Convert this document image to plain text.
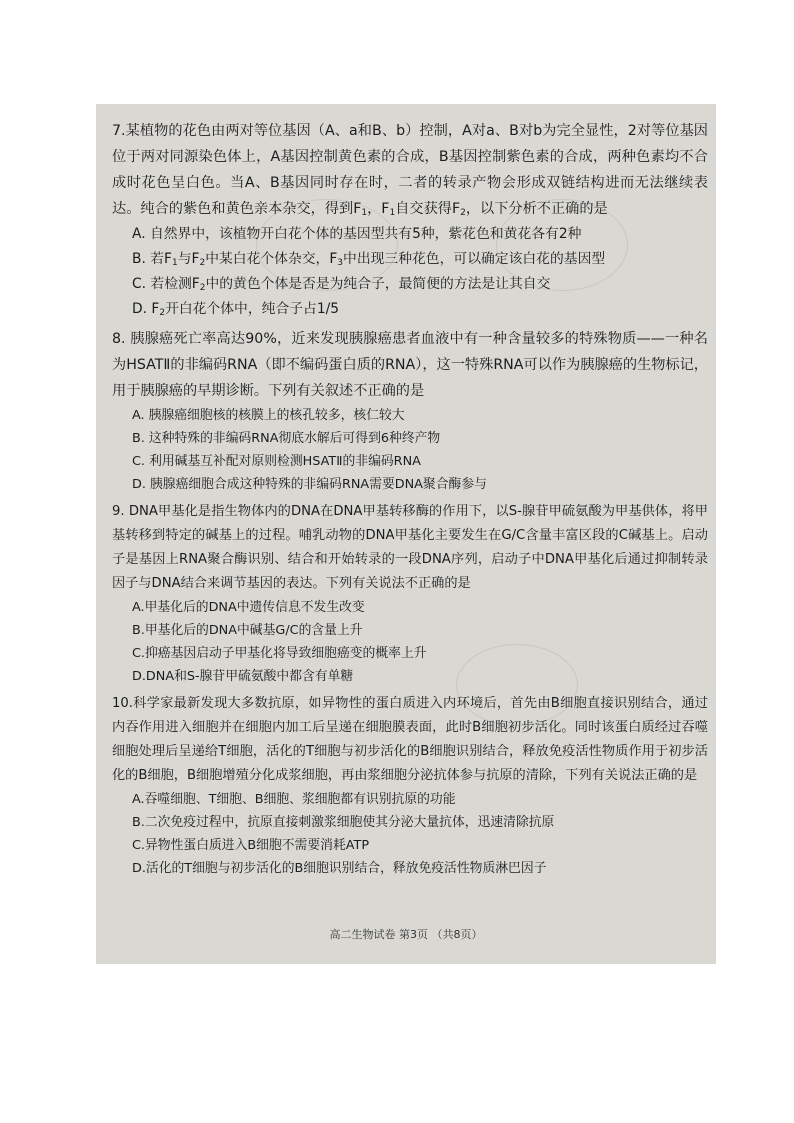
7.某植物的花色由两对等位基因（A、a和B、b）控制，A对a、B对b为完全显性，2对等位基因位于两对同源染色体上，A基因控制黄色素的合成，B基因控制紫色素的合成，两种色素均不合成时花色呈白色。当A、B基因同时存在时，二者的转录产物会形成双链结构进而无法继续表达。纯合的紫色和黄色亲本杂交，得到$F_1$，$F_1$自交获得$F_2$，以下分析不正确的是

A. 自然界中，该植物开白花个体的基因型共有5种，紫花色和黄花各有2种

B. 若$F_1$与$F_2$中某白花个体杂交，$F_3$中出现三种花色，可以确定该白花的基因型

C. 若检测$F_2$中的黄色个体是否是为纯合子，最简便的方法是让其自交

D. $F_2$开白花个体中，纯合子占1/5

8. 胰腺癌死亡率高达90%，近来发现胰腺癌患者血液中有一种含量较多的特殊物质——一种名为HSATⅡ的非编码RNA（即不编码蛋白质的RNA），这一特殊RNA可以作为胰腺癌的生物标记，用于胰腺癌的早期诊断。下列有关叙述不正确的是

A. 胰腺癌细胞核的核膜上的核孔较多，核仁较大

B. 这种特殊的非编码RNA彻底水解后可得到6种终产物

C. 利用碱基互补配对原则检测HSATⅡ的非编码RNA

D. 胰腺癌细胞合成这种特殊的非编码RNA需要DNA聚合酶参与

9. DNA甲基化是指生物体内的DNA在DNA甲基转移酶的作用下，以S-腺苷甲硫氨酸为甲基供体，将甲基转移到特定的碱基上的过程。哺乳动物的DNA甲基化主要发生在G/C含量丰富区段的C碱基上。启动子是基因上RNA聚合酶识别、结合和开始转录的一段DNA序列，启动子中DNA甲基化后通过抑制转录因子与DNA结合来调节基因的表达。下列有关说法不正确的是

A.甲基化后的DNA中遗传信息不发生改变

B.甲基化后的DNA中碱基G/C的含量上升

C.抑癌基因启动子甲基化将导致细胞癌变的概率上升

D.DNA和S-腺苷甲硫氨酸中都含有单糖

10.科学家最新发现大多数抗原，如异物性的蛋白质进入内环境后，首先由B细胞直接识别结合，通过内吞作用进入细胞并在细胞内加工后呈递在细胞膜表面，此时B细胞初步活化。同时该蛋白质经过吞噬细胞处理后呈递给T细胞，活化的T细胞与初步活化的B细胞识别结合，释放免疫活性物质作用于初步活化的B细胞，B细胞增殖分化成浆细胞，再由浆细胞分泌抗体参与抗原的清除，下列有关说法正确的是

A.吞噬细胞、T细胞、B细胞、浆细胞都有识别抗原的功能

B.二次免疫过程中，抗原直接刺激浆细胞使其分泌大量抗体，迅速清除抗原

C.异物性蛋白质进入B细胞不需要消耗ATP

D.活化的T细胞与初步活化的B细胞识别结合，释放免疫活性物质淋巴因子

高二生物试卷 第3页 （共8页）
